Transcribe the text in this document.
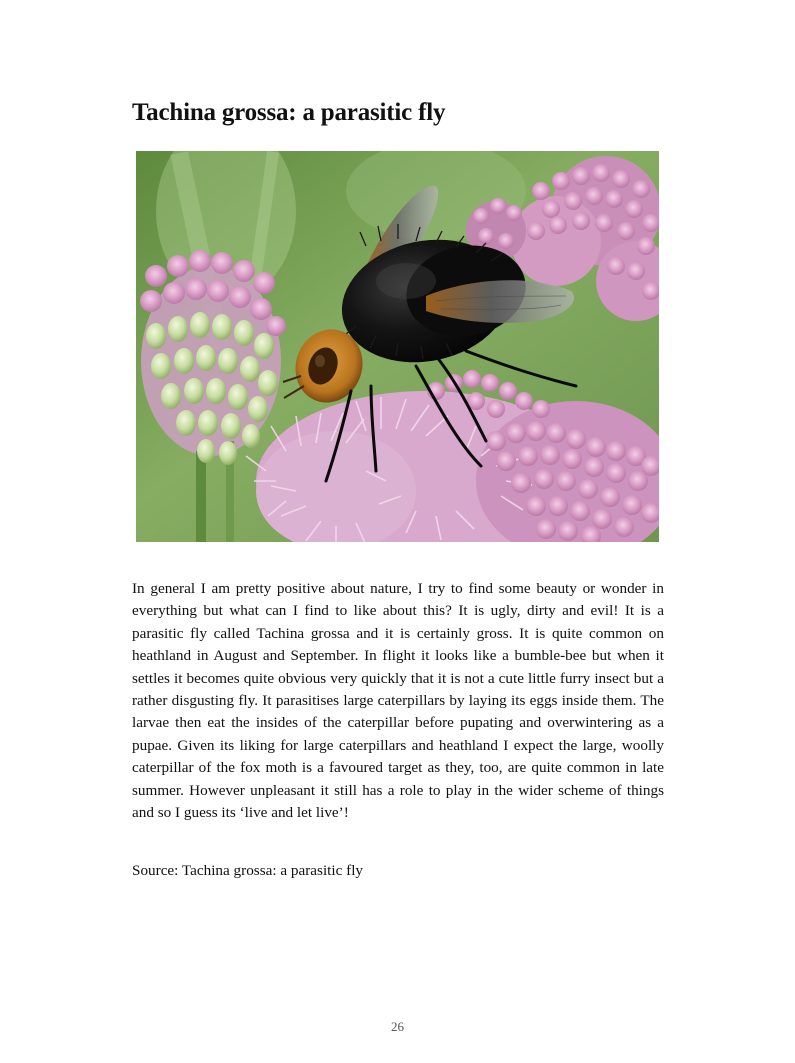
Tachina grossa: a parasitic fly

In general I am pretty positive about nature, I try to find some beauty or wonder in everything but what can I find to like about this? It is ugly, dirty and evil! It is a parasitic fly called Tachina grossa and it is certainly gross. It is quite common on heathland in August and September. In flight it looks like a bumble-bee but when it settles it becomes quite obvious very quickly that it is not a cute little furry insect but a rather disgusting fly. It parasitises large caterpillars by laying its eggs inside them. The larvae then eat the insides of the caterpillar before pupating and overwintering as a pupae. Given its liking for large caterpillars and heathland I expect the large, woolly caterpillar of the fox moth is a favoured target as they, too, are quite common in late summer. However unpleasant it still has a role to play in the wider scheme of things and so I guess its ‘live and let live’!

Source: Tachina grossa: a parasitic fly

26
